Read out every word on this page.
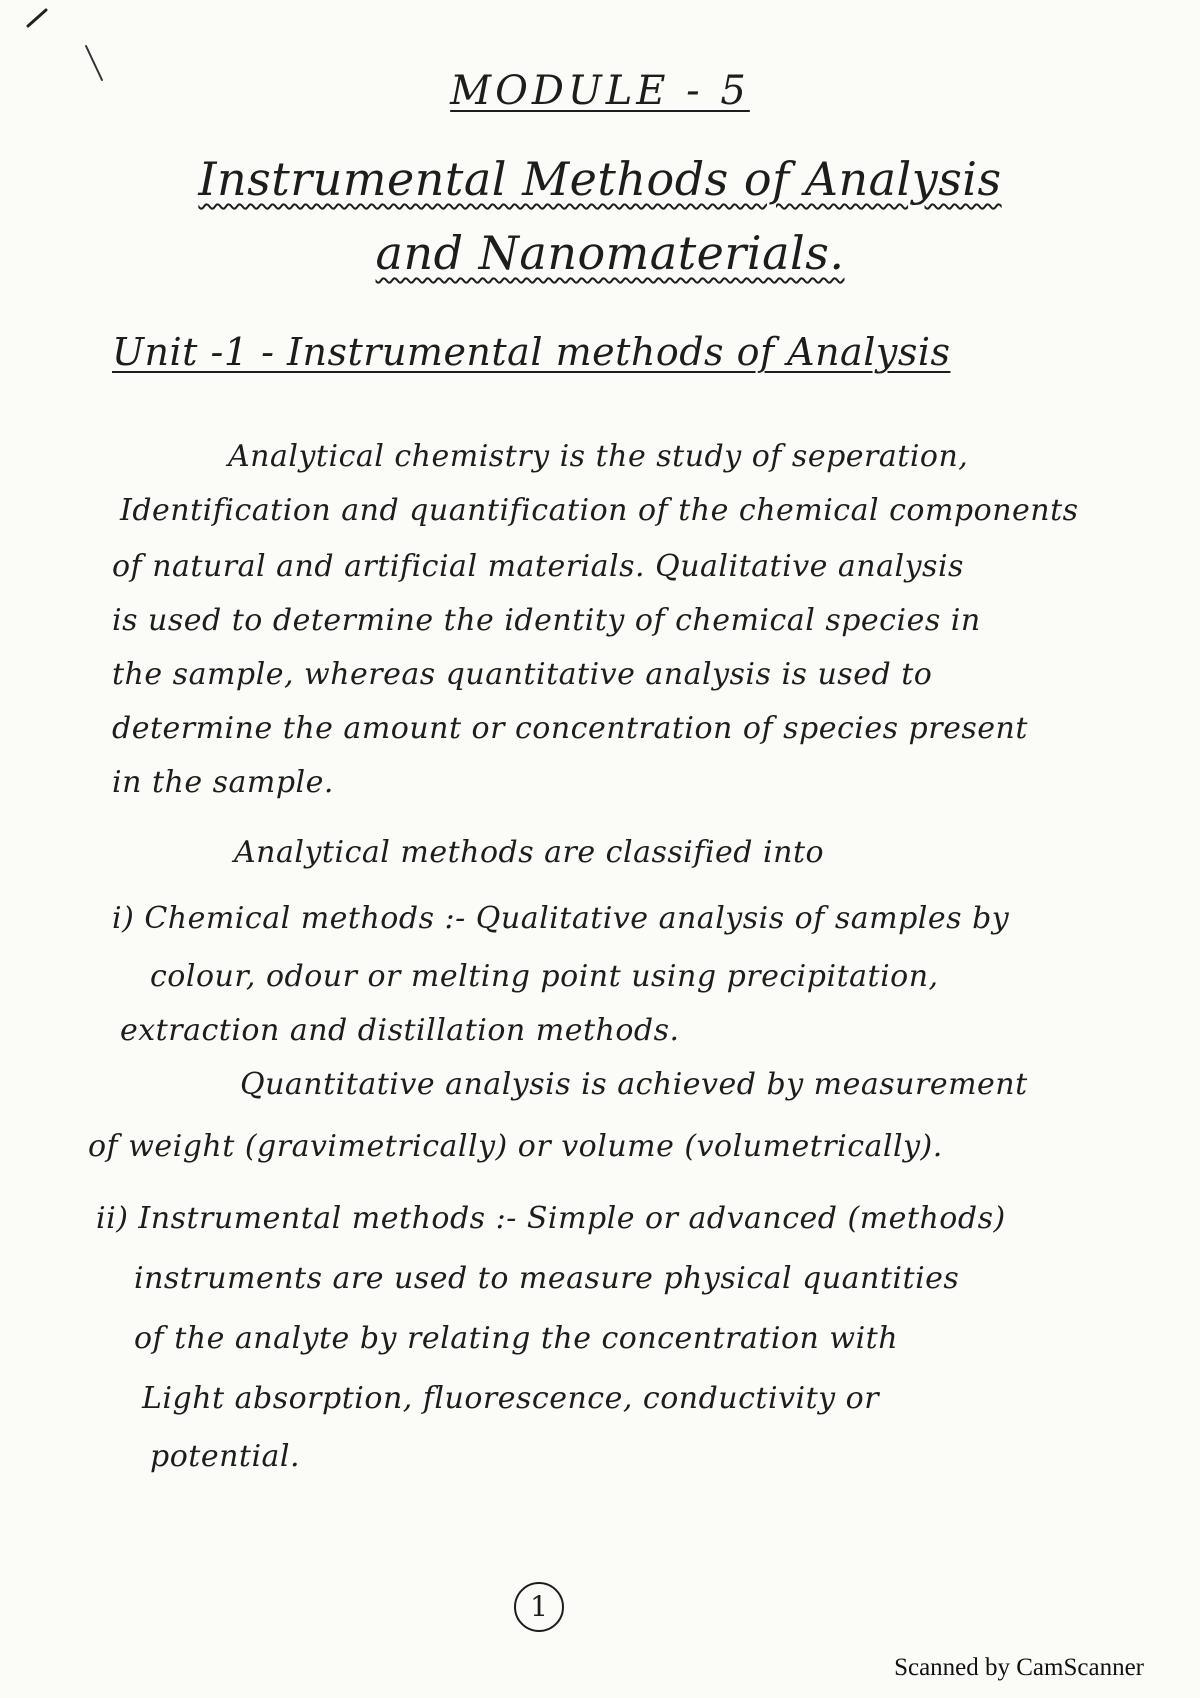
MODULE - 5
Instrumental Methods of Analysis
and Nanomaterials.
Unit -1 - Instrumental methods of Analysis
Analytical chemistry is the study of seperation,
Identification and quantification of the chemical components
of natural and artificial materials. Qualitative analysis
is used to determine the identity of chemical species in
the sample, whereas quantitative analysis is used to
determine the amount or concentration of species present
in the sample.
Analytical methods are classified into
i) Chemical methods :- Qualitative analysis of samples by
colour, odour or melting point using precipitation,
extraction and distillation methods.
Quantitative analysis is achieved by measurement
of weight (gravimetrically) or volume (volumetrically).
ii) Instrumental methods :- Simple or advanced (methods)
instruments are used to measure physical quantities
of the analyte by relating the concentration with
Light absorption, fluorescence, conductivity or
potential.
1
Scanned by CamScanner
